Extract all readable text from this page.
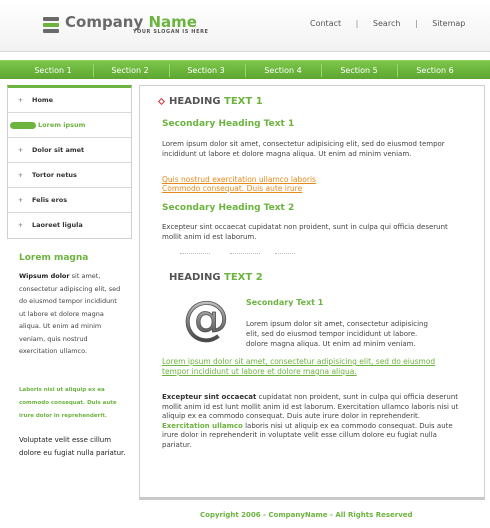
Company Name
YOUR SLOGAN IS HERE
Contact | Search | Sitemap
Section 1	Section 2	Section 3	Section 4	Section 5	Section 6
+ Home
Lorem ipsum
+ Dolor sit amet
+ Tortor netus
+ Felis eros
+ Laoreet ligula
Lorem magna
Wipsum dolor sit amet, consectetur adipiscing elit, sed do eiusmod tempor incididunt ut labore et dolore magna aliqua. Ut enim ad minim veniam, quis nostrud exercitation ullamco.
Laboris nisi ut aliquip ex ea commodo consequat. Duis aute irure dolor in reprehenderit.
Voluptate velit esse cillum dolore eu fugiat nulla pariatur.
HEADING TEXT 1
Secondary Heading Text 1
Lorem ipsum dolor sit amet, consectetur adipisicing elit, sed do eiusmod tempor incididunt ut labore et dolore magna aliqua. Ut enim ad minim veniam.
Quis nostrud exercitation ullamco laboris
Commodo consequat. Duis aute irure
Secondary Heading Text 2
Excepteur sint occaecat cupidatat non proident, sunt in culpa qui officia deserunt mollit anim id est laborum.
HEADING TEXT 2
@ Secondary Text 1
Lorem ipsum dolor sit amet, consectetur adipisicing elit, sed do eiusmod tempor incididunt ut labore. dolore magna aliqua. Ut enim ad minim veniam.
Lorem ipsum dolor sit amet, consectetur adipisicing elit, sed do eiusmod tempor incididunt ut labore et dolore magna aliqua.
Excepteur sint occaecat cupidatat non proident, sunt in culpa qui officia deserunt mollit anim id est lunt mollit anim id est laborum. Exercitation ullamco laboris nisi ut aliquip ex ea commodo consequat. Duis aute irure dolor in reprehenderit. Exercitation ullamco laboris nisi ut aliquip ex ea commodo consequat. Duis aute irure dolor in reprehenderit in voluptate velit esse cillum dolore eu fugiat nulla pariatur.
Copyright 2006 - CompanyName - All Rights Reserved
